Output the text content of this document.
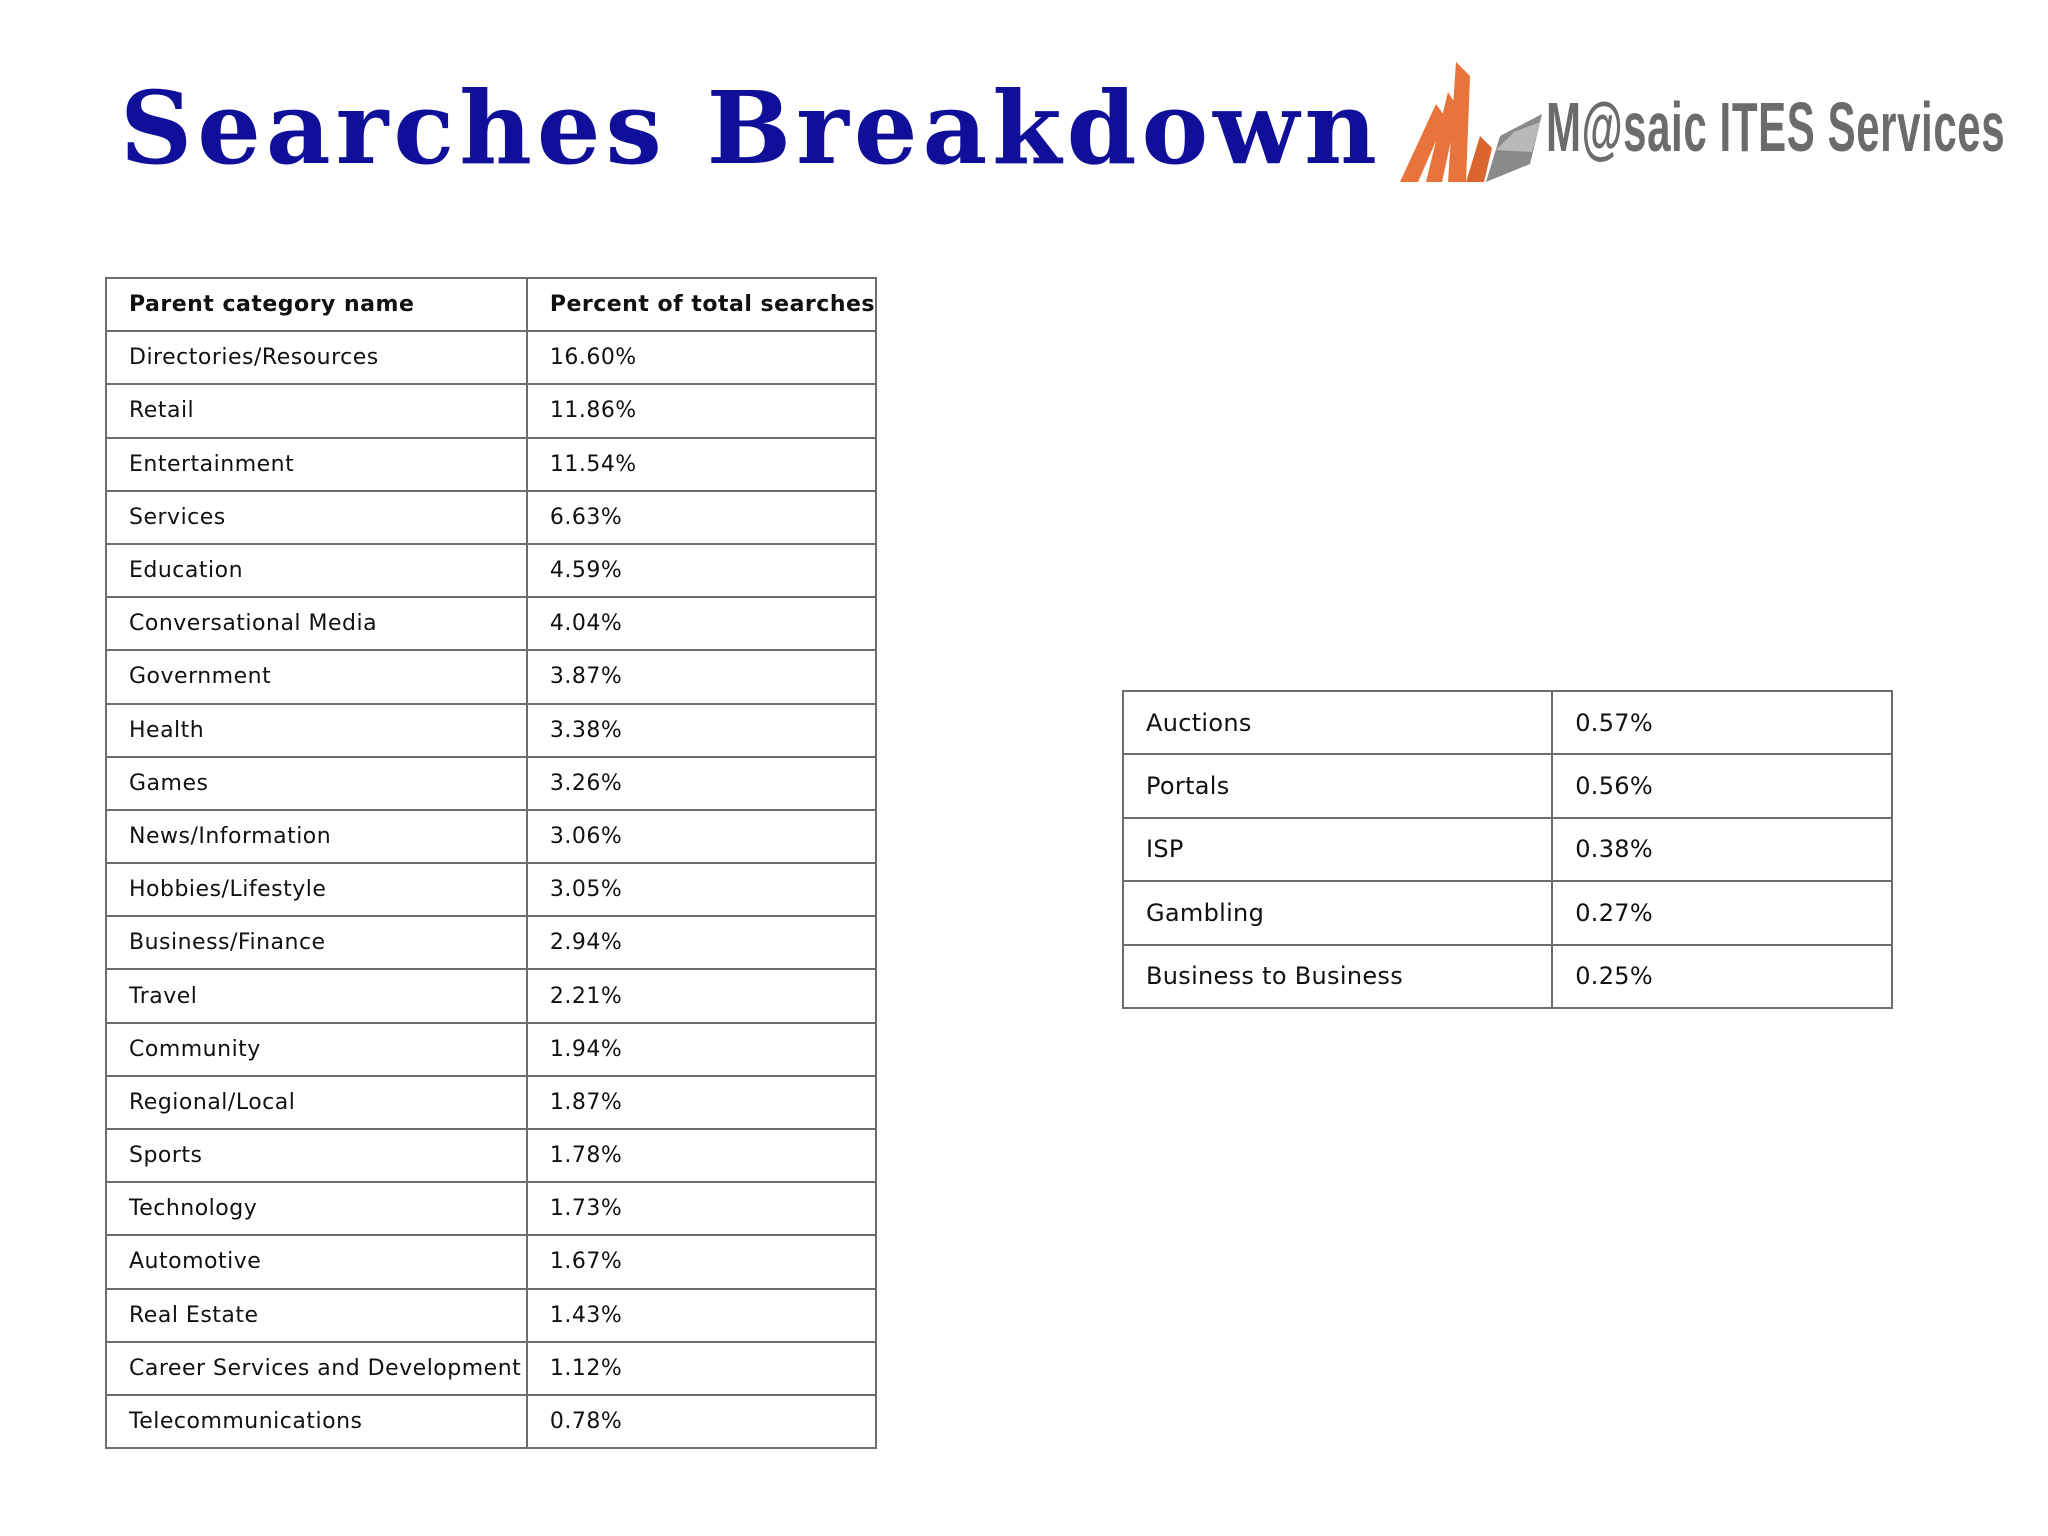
Searches Breakdown M@saic ITES Services
Parent category name	Percent of total searches
Directories/Resources	16.60%
Retail	11.86%
Entertainment	11.54%
Services	6.63%
Education	4.59%
Conversational Media	4.04%
Government	3.87%
Health	3.38%
Games	3.26%
News/Information	3.06%
Hobbies/Lifestyle	3.05%
Business/Finance	2.94%
Travel	2.21%
Community	1.94%
Regional/Local	1.87%
Sports	1.78%
Technology	1.73%
Automotive	1.67%
Real Estate	1.43%
Career Services and Development	1.12%
Telecommunications	0.78%
Auctions	0.57%
Portals	0.56%
ISP	0.38%
Gambling	0.27%
Business to Business	0.25%
